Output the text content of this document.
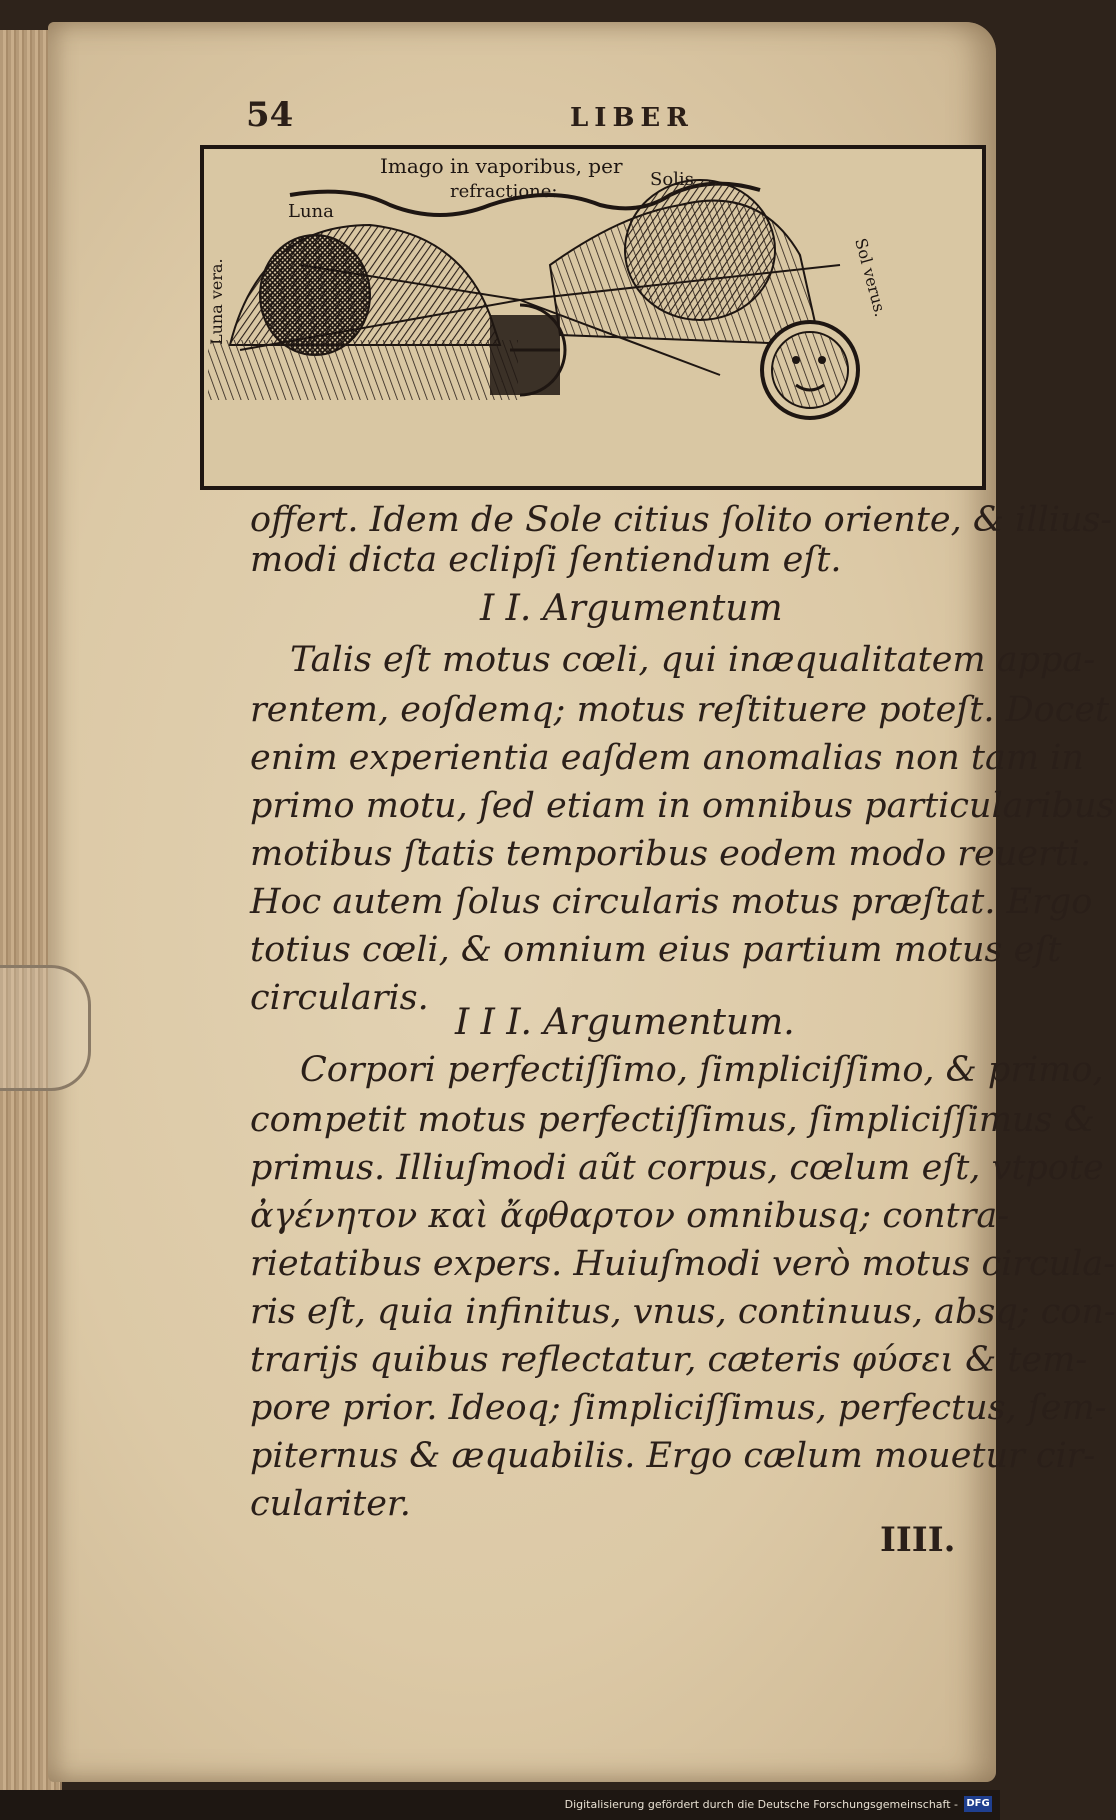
54	LIBER
Imago in vaporibus, per
refractione:
Luna
Solis
Luna vera.	Sol verus.
offert. Idem de Sole citius ſolito oriente, & illius-
modi dicta eclipſi ſentiendum eſt.
I I. Argumentum
Talis eſt motus cœli, qui inæqualitatem appa-
rentem, eoſdemq; motus reſtituere poteſt. Docet
enim experientia eaſdem anomalias non tam in
primo motu, ſed etiam in omnibus particularibus
motibus ſtatis temporibus eodem modo reuerti.
Hoc autem ſolus circularis motus præſtat. Ergo
totius cœli, & omnium eius partium motus eſt
circularis.
I I I. Argumentum.
Corpori perfectiſſimo, ſimpliciſſimo, & primo,
competit motus perfectiſſimus, ſimpliciſſimus &
primus. Illiuſmodi aũt corpus, cœlum eſt, vtpote
ἀγένητον καὶ ἄφθαρτον omnibusq; contra-
rietatibus expers. Huiuſmodi verò motus circula-
ris eſt, quia infinitus, vnus, continuus, absq; con-
trarijs quibus reflectatur, cæteris φύσει & tem-
pore prior. Ideoq; ſimpliciſſimus, perfectus, ſem-
piternus & æquabilis. Ergo cælum mouetur cir-
culariter.
IIII.
Digitalisierung gefördert durch die Deutsche Forschungsgemeinschaft - DFG
